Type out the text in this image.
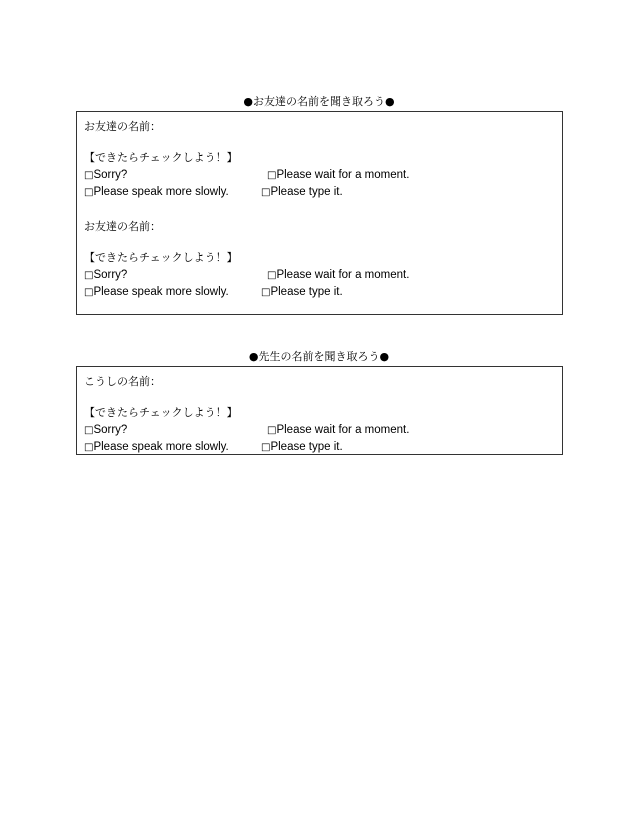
●お友達の名前を聞き取ろう●
お友達の名前：
【できたらチェックしよう！】
□Sorry?	□Please wait for a moment.
□Please speak more slowly.	□Please type it.
お友達の名前：
【できたらチェックしよう！】
□Sorry?	□Please wait for a moment.
□Please speak more slowly.	□Please type it.
●先生の名前を聞き取ろう●
こうしの名前：
【できたらチェックしよう！】
□Sorry?	□Please wait for a moment.
□Please speak more slowly.	□Please type it.
